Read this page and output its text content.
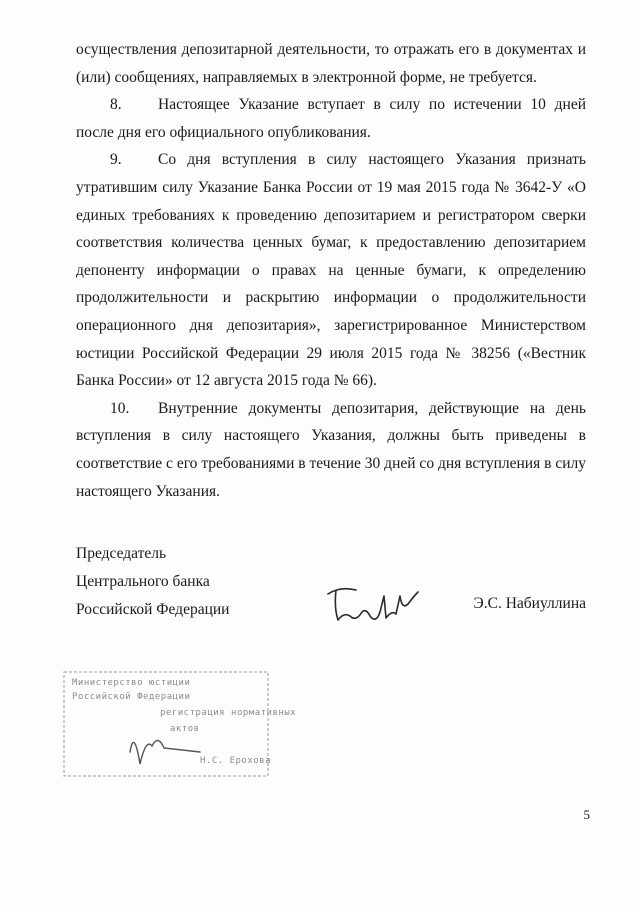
осуществления депозитарной деятельности, то отражать его в документах и (или) сообщениях, направляемых в электронной форме, не требуется.

8. Настоящее Указание вступает в силу по истечении 10 дней после дня его официального опубликования.

9. Со дня вступления в силу настоящего Указания признать утратившим силу Указание Банка России от 19 мая 2015 года № 3642-У «О единых требованиях к проведению депозитарием и регистратором сверки соответствия количества ценных бумаг, к предоставлению депозитарием депоненту информации о правах на ценные бумаги, к определению продолжительности и раскрытию информации о продолжительности операционного дня депозитария», зарегистрированное Министерством юстиции Российской Федерации 29 июля 2015 года № 38256 («Вестник Банка России» от 12 августа 2015 года № 66).

10. Внутренние документы депозитария, действующие на день вступления в силу настоящего Указания, должны быть приведены в соответствие с его требованиями в течение 30 дней со дня вступления в силу настоящего Указания.

Председатель
Центрального банка
Российской Федерации	Э.С. Набиуллина
Министерство юстиции
Российской Федерации
регистрация нормативных
актов
Н.С. Ерохова
5
